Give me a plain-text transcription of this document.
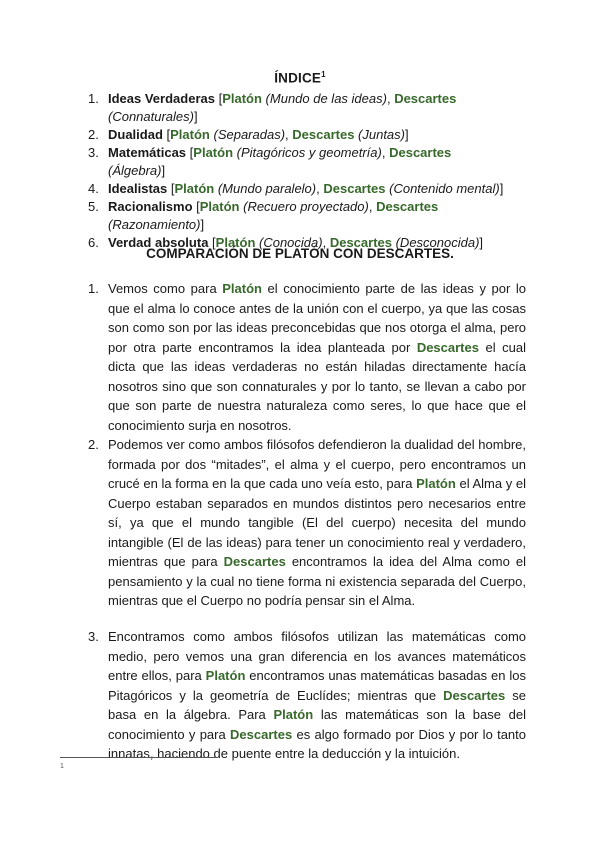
ÍNDICE$^1$
1. Ideas Verdaderas [Platón (Mundo de las ideas), Descartes (Connaturales)]
2. Dualidad [Platón (Separadas), Descartes (Juntas)]
3. Matemáticas [Platón (Pitagóricos y geometría), Descartes (Álgebra)]
4. Idealistas [Platón (Mundo paralelo), Descartes (Contenido mental)]
5. Racionalismo [Platón (Recuero proyectado), Descartes (Razonamiento)]
6. Verdad absoluta [Platón (Conocida), Descartes (Desconocida)]
COMPARACIÓN DE PLATÓN CON DESCARTES.
1. Vemos como para Platón el conocimiento parte de las ideas y por lo que el alma lo conoce antes de la unión con el cuerpo, ya que las cosas son como son por las ideas preconcebidas que nos otorga el alma, pero por otra parte encontramos la idea planteada por Descartes el cual dicta que las ideas verdaderas no están hiladas directamente hacía nosotros sino que son connaturales y por lo tanto, se llevan a cabo por que son parte de nuestra naturaleza como seres, lo que hace que el conocimiento surja en nosotros.
2. Podemos ver como ambos filósofos defendieron la dualidad del hombre, formada por dos “mitades”, el alma y el cuerpo, pero encontramos un crucé en la forma en la que cada uno veía esto, para Platón el Alma y el Cuerpo estaban separados en mundos distintos pero necesarios entre sí, ya que el mundo tangible (El del cuerpo) necesita del mundo intangible (El de las ideas) para tener un conocimiento real y verdadero, mientras que para Descartes encontramos la idea del Alma como el pensamiento y la cual no tiene forma ni existencia separada del Cuerpo, mientras que el Cuerpo no podría pensar sin el Alma.
3. Encontramos como ambos filósofos utilizan las matemáticas como medio, pero vemos una gran diferencia en los avances matemáticos entre ellos, para Platón encontramos unas matemáticas basadas en los Pitagóricos y la geometría de Euclídes; mientras que Descartes se basa en la álgebra. Para Platón las matemáticas son la base del conocimiento y para Descartes es algo formado por Dios y por lo tanto innatas, haciendo de puente entre la deducción y la intuición.
1
